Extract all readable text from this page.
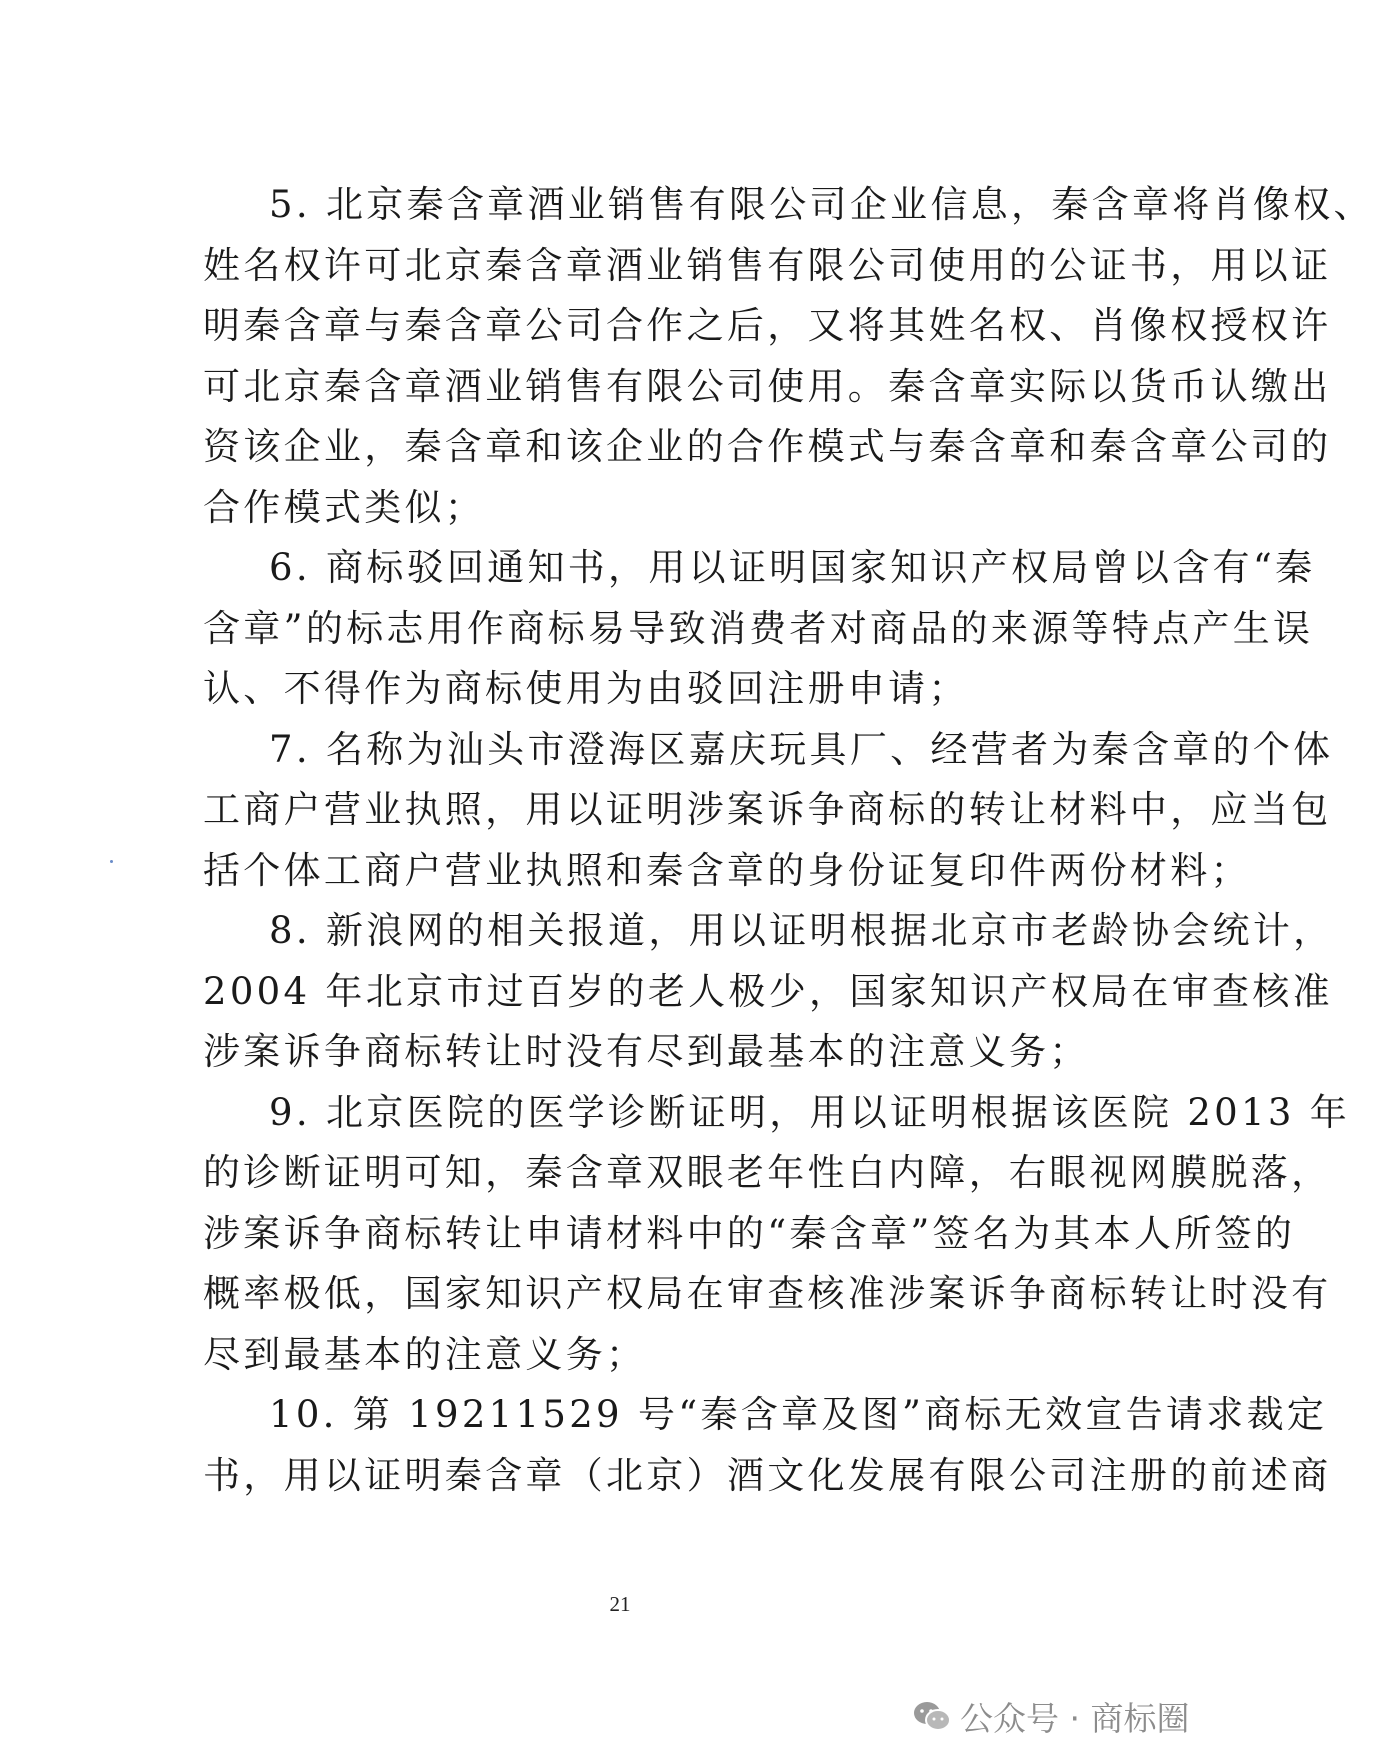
5. 北京秦含章酒业销售有限公司企业信息，秦含章将肖像权、
姓名权许可北京秦含章酒业销售有限公司使用的公证书，用以证
明秦含章与秦含章公司合作之后，又将其姓名权、肖像权授权许
可北京秦含章酒业销售有限公司使用。秦含章实际以货币认缴出
资该企业，秦含章和该企业的合作模式与秦含章和秦含章公司的
合作模式类似；
6. 商标驳回通知书，用以证明国家知识产权局曾以含有“秦
含章”的标志用作商标易导致消费者对商品的来源等特点产生误
认、不得作为商标使用为由驳回注册申请；
7. 名称为汕头市澄海区嘉庆玩具厂、经营者为秦含章的个体
工商户营业执照，用以证明涉案诉争商标的转让材料中，应当包
括个体工商户营业执照和秦含章的身份证复印件两份材料；
8. 新浪网的相关报道，用以证明根据北京市老龄协会统计，
2004 年北京市过百岁的老人极少，国家知识产权局在审查核准
涉案诉争商标转让时没有尽到最基本的注意义务；
9. 北京医院的医学诊断证明，用以证明根据该医院 2013 年
的诊断证明可知，秦含章双眼老年性白内障，右眼视网膜脱落，
涉案诉争商标转让申请材料中的“秦含章”签名为其本人所签的
概率极低，国家知识产权局在审查核准涉案诉争商标转让时没有
尽到最基本的注意义务；
10. 第 19211529 号“秦含章及图”商标无效宣告请求裁定
书，用以证明秦含章（北京）酒文化发展有限公司注册的前述商
21
公众号 · 商标圈
